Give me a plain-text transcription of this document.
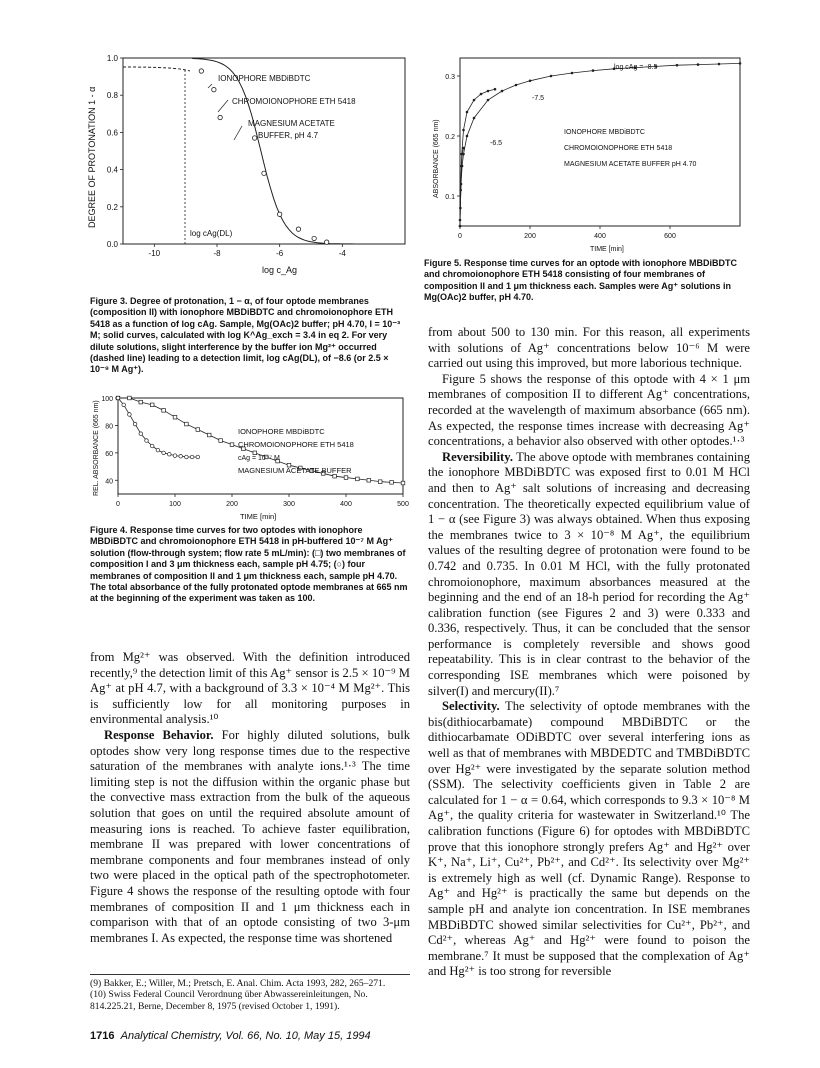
0.0
0.2
0.4
0.6
0.8
1.0
-10	-8	-6	-4
IONOPHORE MBDiBDTC
CHROMOIONOPHORE ETH 5418
MAGNESIUM ACETATE
BUFFER, pH 4.7
log cAg(DL)
log c_Ag
DEGREE OF PROTONATION 1 - α
Figure 3. Degree of protonation, 1 − α, of four optode membranes (composition II) with ionophore MBDiBDTC and chromoionophore ETH 5418 as a function of log cAg. Sample, Mg(OAc)2 buffer; pH 4.70, I = 10⁻³ M; solid curves, calculated with log K^Ag_exch = 3.4 in eq 2. For very dilute solutions, slight interference by the buffer ion Mg²⁺ occurred (dashed line) leading to a detection limit, log cAg(DL), of −8.6 (or 2.5 × 10⁻⁹ M Ag⁺).
40
60
80
100
0	100	200	300	400	500
IONOPHORE MBDiBDTC
CHROMOIONOPHORE ETH 5418
cAg = 10⁻⁷ M
MAGNESIUM ACETATE BUFFER
TIME [min]
REL. ABSORBANCE (665 nm)
Figure 4. Response time curves for two optodes with ionophore MBDiBDTC and chromoionophore ETH 5418 in pH-buffered 10⁻⁷ M Ag⁺ solution (flow-through system; flow rate 5 mL/min): (□) two membranes of composition I and 3 μm thickness each, sample pH 4.75; (○) four membranes of composition II and 1 μm thickness each, sample pH 4.70. The total absorbance of the fully protonated optode membranes at 665 nm at the beginning of the experiment was taken as 100.
0.1
0.2
0.3
0	200	400	600
log cAg = -8.5
-7.5
-6.5
IONOPHORE MBDiBDTC
CHROMOIONOPHORE ETH 5418
MAGNESIUM ACETATE BUFFER pH 4.70
TIME [min]
ABSORBANCE (665 nm)
Figure 5. Response time curves for an optode with ionophore MBDiBDTC and chromoionophore ETH 5418 consisting of four membranes of composition II and 1 μm thickness each. Samples were Ag⁺ solutions in Mg(OAc)2 buffer, pH 4.70.

from Mg²⁺ was observed. With the definition introduced recently,⁹ the detection limit of this Ag⁺ sensor is 2.5 × 10⁻⁹ M Ag⁺ at pH 4.7, with a background of 3.3 × 10⁻⁴ M Mg²⁺. This is sufficiently low for all monitoring purposes in environmental analysis.¹⁰

Response Behavior. For highly diluted solutions, bulk optodes show very long response times due to the respective saturation of the membranes with analyte ions.¹·³ The time limiting step is not the diffusion within the organic phase but the convective mass extraction from the bulk of the aqueous solution that goes on until the required absolute amount of measuring ions is reached. To achieve faster equilibration, membrane II was prepared with lower concentrations of membrane components and four membranes instead of only two were placed in the optical path of the spectrophotometer. Figure 4 shows the response of the resulting optode with four membranes of composition II and 1 μm thickness each in comparison with that of an optode consisting of two 3-μm membranes I. As expected, the response time was shortened

(9) Bakker, E.; Willer, M.; Pretsch, E. Anal. Chim. Acta 1993, 282, 265–271.
(10) Swiss Federal Council Verordnung über Abwassereinleitungen, No. 814.225.21, Berne, December 8, 1975 (revised October 1, 1991).
1716 Analytical Chemistry, Vol. 66, No. 10, May 15, 1994

from about 500 to 130 min. For this reason, all experiments with solutions of Ag⁺ concentrations below 10⁻⁶ M were carried out using this improved, but more laborious technique.

Figure 5 shows the response of this optode with 4 × 1 μm membranes of composition II to different Ag⁺ concentrations, recorded at the wavelength of maximum absorbance (665 nm). As expected, the response times increase with decreasing Ag⁺ concentrations, a behavior also observed with other optodes.¹·³

Reversibility. The above optode with membranes containing the ionophore MBDiBDTC was exposed first to 0.01 M HCl and then to Ag⁺ salt solutions of increasing and decreasing concentration. The theoretically expected equilibrium value of 1 − α (see Figure 3) was always obtained. When thus exposing the membranes twice to 3 × 10⁻⁸ M Ag⁺, the equilibrium values of the resulting degree of protonation were found to be 0.742 and 0.735. In 0.01 M HCl, with the fully protonated chromoionophore, maximum absorbances measured at the beginning and the end of an 18-h period for recording the Ag⁺ calibration function (see Figures 2 and 3) were 0.333 and 0.336, respectively. Thus, it can be concluded that the sensor performance is completely reversible and shows good repeatability. This is in clear contrast to the behavior of the corresponding ISE membranes which were poisoned by silver(I) and mercury(II).⁷

Selectivity. The selectivity of optode membranes with the bis(dithiocarbamate) compound MBDiBDTC or the dithiocarbamate ODiBDTC over several interfering ions as well as that of membranes with MBDEDTC and TMBDiBDTC over Hg²⁺ were investigated by the separate solution method (SSM). The selectivity coefficients given in Table 2 are calculated for 1 − α = 0.64, which corresponds to 9.3 × 10⁻⁸ M Ag⁺, the quality criteria for wastewater in Switzerland.¹⁰ The calibration functions (Figure 6) for optodes with MBDiBDTC prove that this ionophore strongly prefers Ag⁺ and Hg²⁺ over K⁺, Na⁺, Li⁺, Cu²⁺, Pb²⁺, and Cd²⁺. Its selectivity over Mg²⁺ is extremely high as well (cf. Dynamic Range). Response to Ag⁺ and Hg²⁺ is practically the same but depends on the sample pH and analyte ion concentration. In ISE membranes MBDiBDTC showed similar selectivities for Cu²⁺, Pb²⁺, and Cd²⁺, whereas Ag⁺ and Hg²⁺ were found to poison the membrane.⁷ It must be supposed that the complexation of Ag⁺ and Hg²⁺ is too strong for reversible
